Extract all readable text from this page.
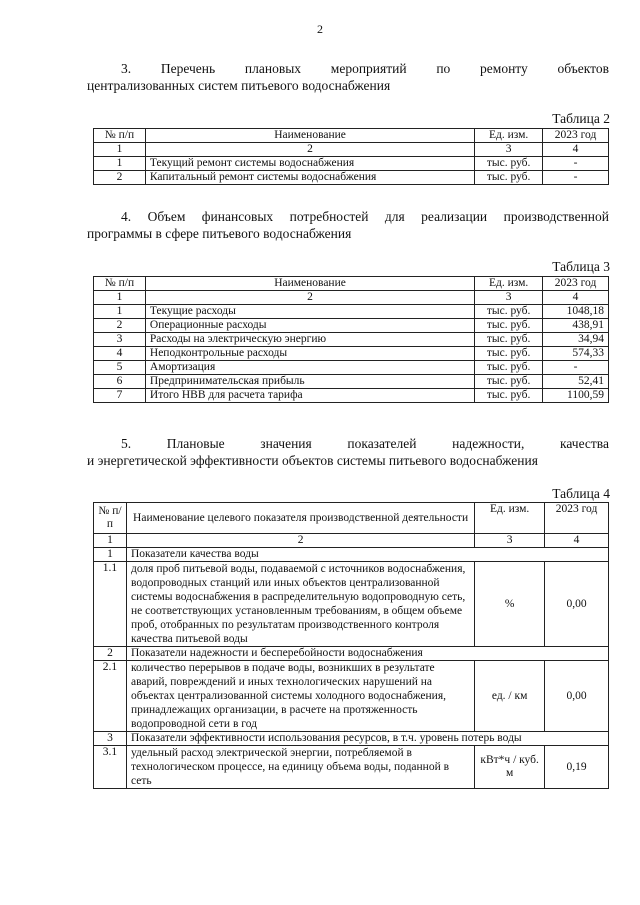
2
3. Перечень плановых мероприятий по ремонту объектов
централизованных систем питьевого водоснабжения
Таблица 2
№ п/п	Наименование	Ед. изм.	2023 год
1	2	3	4
1	Текущий ремонт системы водоснабжения	тыс. руб.	-
2	Капитальный ремонт системы водоснабжения	тыс. руб.	-
4. Объем финансовых потребностей для реализации производственной
программы в сфере питьевого водоснабжения
Таблица 3
№ п/п	Наименование	Ед. изм.	2023 год
1	2	3	4
1	Текущие расходы	тыс. руб.	1048,18
2	Операционные расходы	тыс. руб.	438,91
3	Расходы на электрическую энергию	тыс. руб.	34,94
4	Неподконтрольные расходы	тыс. руб.	574,33
5	Амортизация	тыс. руб.	-
6	Предпринимательская прибыль	тыс. руб.	52,41
7	Итого НВВ для расчета тарифа	тыс. руб.	1100,59
5. Плановые значения показателей надежности, качества
и энергетической эффективности объектов системы питьевого водоснабжения
Таблица 4
№ п/п	Наименование целевого показателя производственной деятельности	Ед. изм.	2023 год
1	2	3	4
1	Показатели качества воды		
1.1	доля проб питьевой воды, подаваемой с источников водоснабжения, водопроводных станций или иных объектов централизованной системы водоснабжения в распределительную водопроводную сеть, не соответствующих установленным требованиям, в общем объеме проб, отобранных по результатам производственного контроля качества питьевой воды	%	0,00
2	Показатели надежности и бесперебойности водоснабжения		
2.1	количество перерывов в подаче воды, возникших в результате аварий, повреждений и иных технологических нарушений на объектах централизованной системы холодного водоснабжения, принадлежащих организации, в расчете на протяженность водопроводной сети в год	ед. / км	0,00
3	Показатели эффективности использования ресурсов, в т.ч. уровень потерь воды		
3.1	удельный расход электрической энергии, потребляемой в технологическом процессе, на единицу объема воды, поданной в сеть	кВт*ч / куб. м	0,19
